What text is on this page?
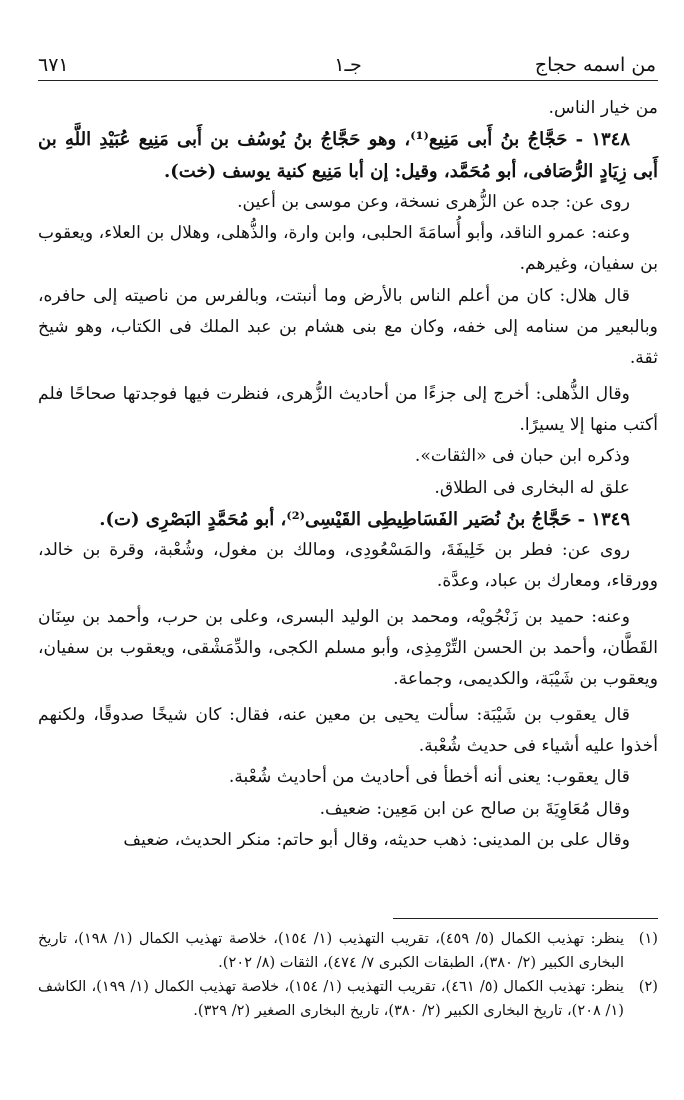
من اسمه حجاج
جـ١
٦٧١

من خيار الناس.

١٣٤٨ - حَجَّاجُ بنُ أَبى مَنِيع⁽¹⁾، وهو حَجَّاجُ بنُ يُوسُف بن أَبى مَنِيع عُبَيْدِ اللَّهِ بن أَبى زِيَادٍ الرُّصَافى، أبو مُحَمَّد، وقيل: إن أبا مَنِيع كنية يوسف (خت).

روى عن: جده عن الزُّهرى نسخة، وعن موسى بن أعين.

وعنه: عمرو الناقد، وأبو أُسامَةَ الحلبى، وابن وارة، والذُّهلى، وهلال بن العلاء، ويعقوب بن سفيان، وغيرهم.

قال هلال: كان من أعلم الناس بالأرض وما أنبتت، وبالفرس من ناصيته إلى حافره، وبالبعير من سنامه إلى خفه، وكان مع بنى هشام بن عبد الملك فى الكتاب، وهو شيخ ثقة.

وقال الذُّهلى: أخرج إلى جزءًا من أحاديث الزُّهرى، فنظرت فيها فوجدتها صحاحًا فلم أكتب منها إلا يسيرًا.

وذكره ابن حبان فى «الثقات».

علق له البخارى فى الطلاق.

١٣٤٩ - حَجَّاجُ بنُ نُصَير الفَسَاطِيطِى القَيْسِى⁽²⁾، أبو مُحَمَّدٍ البَصْرِى (ت).

روى عن: فطر بن خَلِيفَةَ، والمَسْعُودِى، ومالك بن مغول، وشُعْبة، وقرة بن خالد، وورقاء، ومعارك بن عباد، وعدَّة.

وعنه: حميد بن زَنْجُويْه، ومحمد بن الوليد البسرى، وعلى بن حرب، وأحمد بن سِنَان القَطَّان، وأحمد بن الحسن التِّرْمِذِى، وأبو مسلم الكجى، والدِّمَشْقى، ويعقوب بن سفيان، ويعقوب بن شَيْبَة، والكديمى، وجماعة.

قال يعقوب بن شَيْبَة: سألت يحيى بن معين عنه، فقال: كان شيخًا صدوقًا، ولكنهم أخذوا عليه أشياء فى حديث شُعْبة.

قال يعقوب: يعنى أنه أخطأ فى أحاديث من أحاديث شُعْبة.

وقال مُعَاوِيَةَ بن صالح عن ابن مَعِين: ضعيف.

وقال على بن المدينى: ذهب حديثه، وقال أبو حاتم: منكر الحديث، ضعيف

(١)
ينظر: تهذيب الكمال (٥/ ٤٥٩)، تقريب التهذيب (١/ ١٥٤)، خلاصة تهذيب الكمال (١/ ١٩٨)، تاريخ البخارى الكبير (٢/ ٣٨٠)، الطبقات الكبرى ٧/ ٤٧٤)، الثقات (٨/ ٢٠٢).
(٢)
ينظر: تهذيب الكمال (٥/ ٤٦١)، تقريب التهذيب (١/ ١٥٤)، خلاصة تهذيب الكمال (١/ ١٩٩)، الكاشف (١/ ٢٠٨)، تاريخ البخارى الكبير (٢/ ٣٨٠)، تاريخ البخارى الصغير (٢/ ٣٢٩).
